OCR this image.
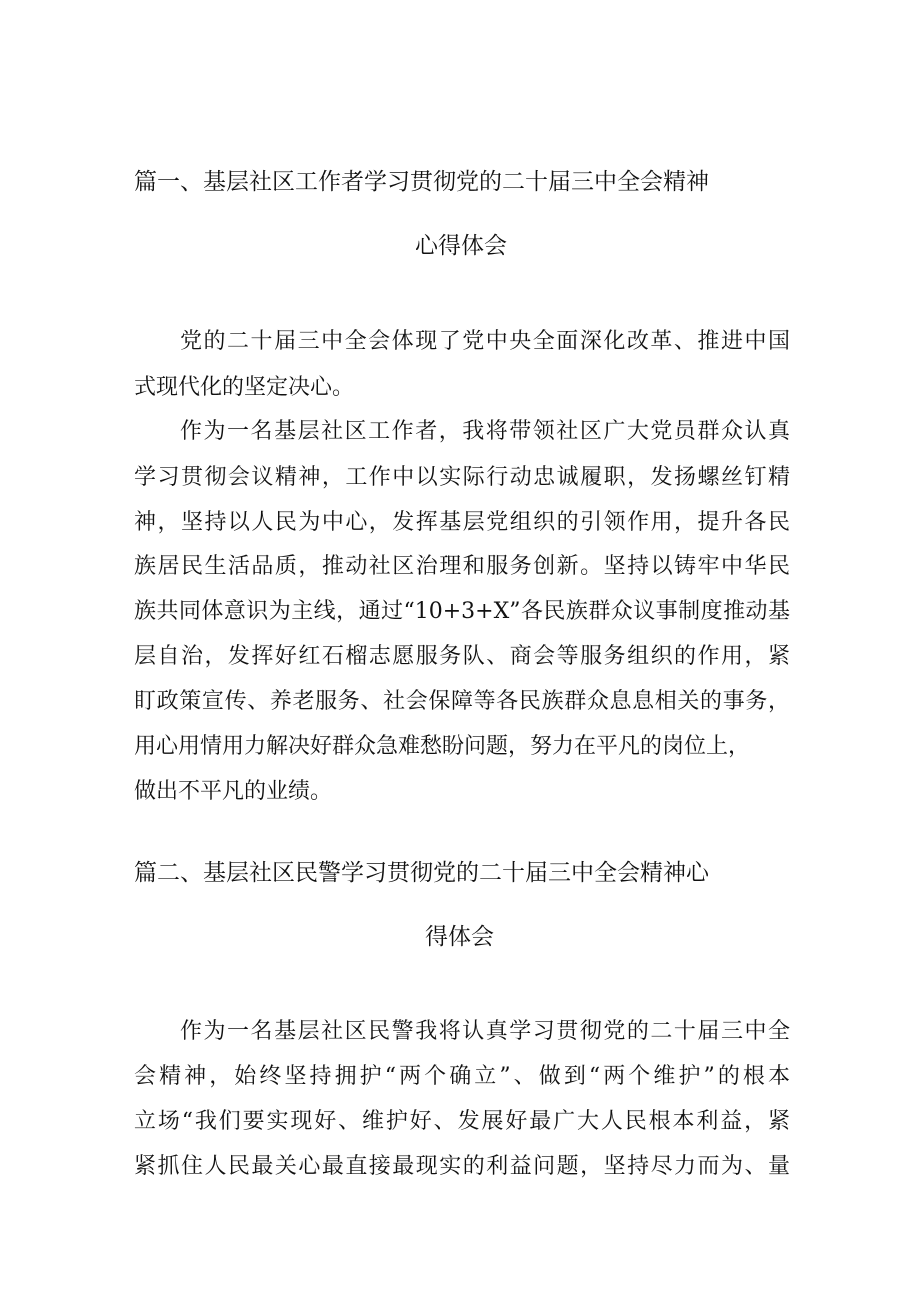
篇一、基层社区工作者学习贯彻党的二十届三中全会精神
心得体会
党的二十届三中全会体现了党中央全面深化改革、推进中国
式现代化的坚定决心。
作为一名基层社区工作者，我将带领社区广大党员群众认真
学习贯彻会议精神，工作中以实际行动忠诚履职，发扬螺丝钉精
神，坚持以人民为中心，发挥基层党组织的引领作用，提升各民
族居民生活品质，推动社区治理和服务创新。坚持以铸牢中华民
族共同体意识为主线，通过“10+3+X”各民族群众议事制度推动基
层自治，发挥好红石榴志愿服务队、商会等服务组织的作用，紧
盯政策宣传、养老服务、社会保障等各民族群众息息相关的事务，
用心用情用力解决好群众急难愁盼问题，努力在平凡的岗位上，
做出不平凡的业绩。
篇二、基层社区民警学习贯彻党的二十届三中全会精神心
得体会
作为一名基层社区民警我将认真学习贯彻党的二十届三中全
会精神，始终坚持拥护“两个确立”、做到“两个维护”的根本
立场“我们要实现好、维护好、发展好最广大人民根本利益，紧
紧抓住人民最关心最直接最现实的利益问题，坚持尽力而为、量
